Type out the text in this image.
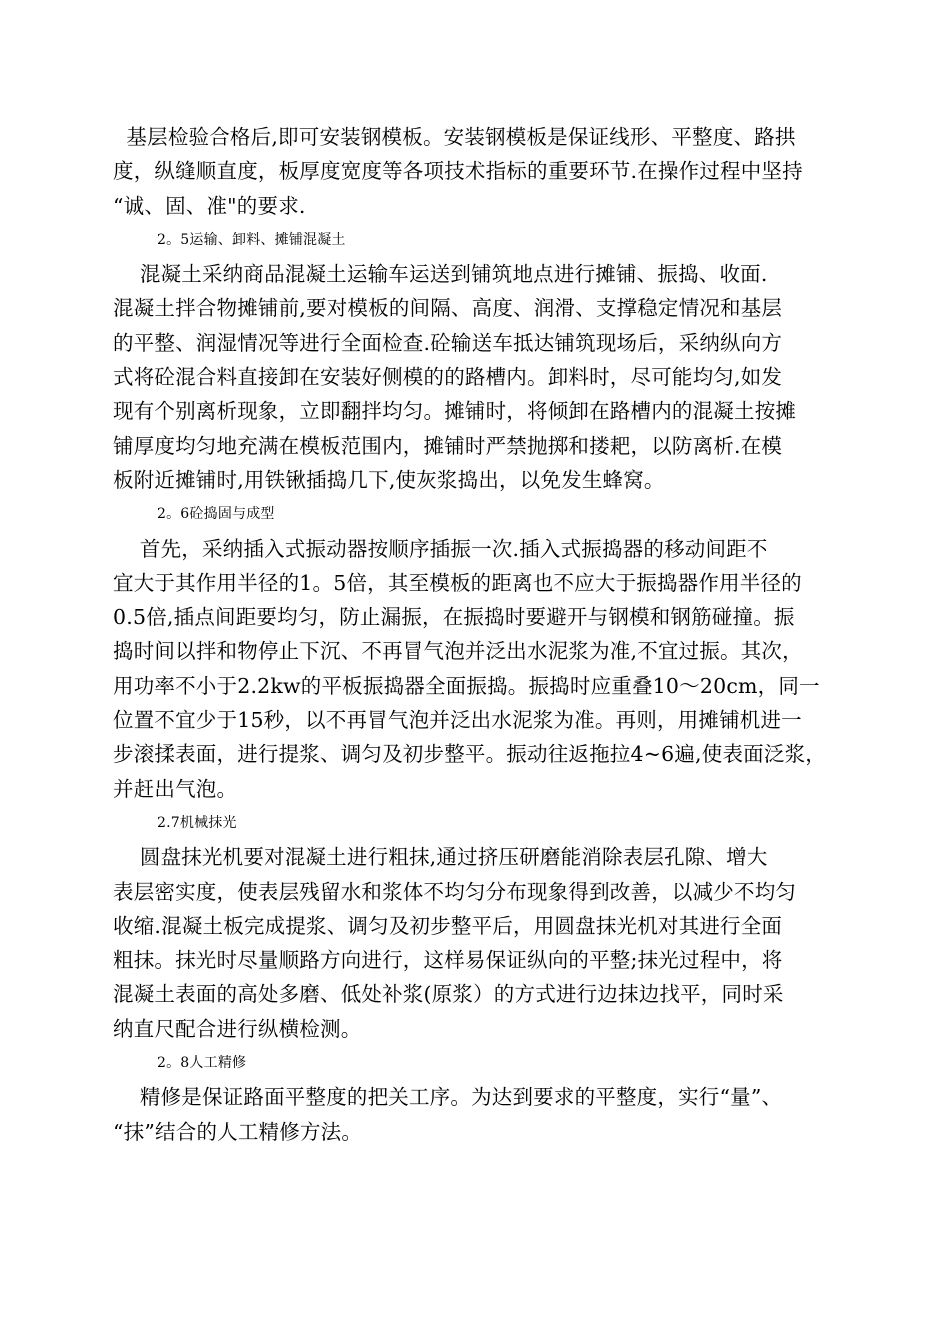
基层检验合格后,即可安装钢模板。安装钢模板是保证线形、平整度、路拱
度，纵缝顺直度，板厚度宽度等各项技术指标的重要环节.在操作过程中坚持
“诚、固、准"的要求.
2。5运输、卸料、摊铺混凝土
混凝土采纳商品混凝土运输车运送到铺筑地点进行摊铺、振捣、收面.
混凝土拌合物摊铺前,要对模板的间隔、高度、润滑、支撑稳定情况和基层
的平整、润湿情况等进行全面检查.砼输送车抵达铺筑现场后，采纳纵向方
式将砼混合料直接卸在安装好侧模的的路槽内。卸料时，尽可能均匀,如发
现有个别离析现象，立即翻拌均匀。摊铺时，将倾卸在路槽内的混凝土按摊
铺厚度均匀地充满在模板范围内，摊铺时严禁抛掷和搂耙，以防离析.在模
板附近摊铺时,用铁锹插捣几下,使灰浆捣出，以免发生蜂窝。
2。6砼捣固与成型
首先，采纳插入式振动器按顺序插振一次.插入式振捣器的移动间距不
宜大于其作用半径的1。5倍，其至模板的距离也不应大于振捣器作用半径的
0.5倍,插点间距要均匀，防止漏振，在振捣时要避开与钢模和钢筋碰撞。振
捣时间以拌和物停止下沉、不再冒气泡并泛出水泥浆为准,不宜过振。其次，
用功率不小于2.2kw的平板振捣器全面振捣。振捣时应重叠10～20cm，同一
位置不宜少于15秒，以不再冒气泡并泛出水泥浆为准。再则，用摊铺机进一
步滚揉表面，进行提浆、调匀及初步整平。振动往返拖拉4~6遍,使表面泛浆，
并赶出气泡。
2.7机械抹光
圆盘抹光机要对混凝土进行粗抹,通过挤压研磨能消除表层孔隙、增大
表层密实度，使表层残留水和浆体不均匀分布现象得到改善，以减少不均匀
收缩.混凝土板完成提浆、调匀及初步整平后，用圆盘抹光机对其进行全面
粗抹。抹光时尽量顺路方向进行，这样易保证纵向的平整;抹光过程中，将
混凝土表面的高处多磨、低处补浆(原浆）的方式进行边抹边找平，同时采
纳直尺配合进行纵横检测。
2。8人工精修
精修是保证路面平整度的把关工序。为达到要求的平整度，实行“量”、
“抹”结合的人工精修方法。
